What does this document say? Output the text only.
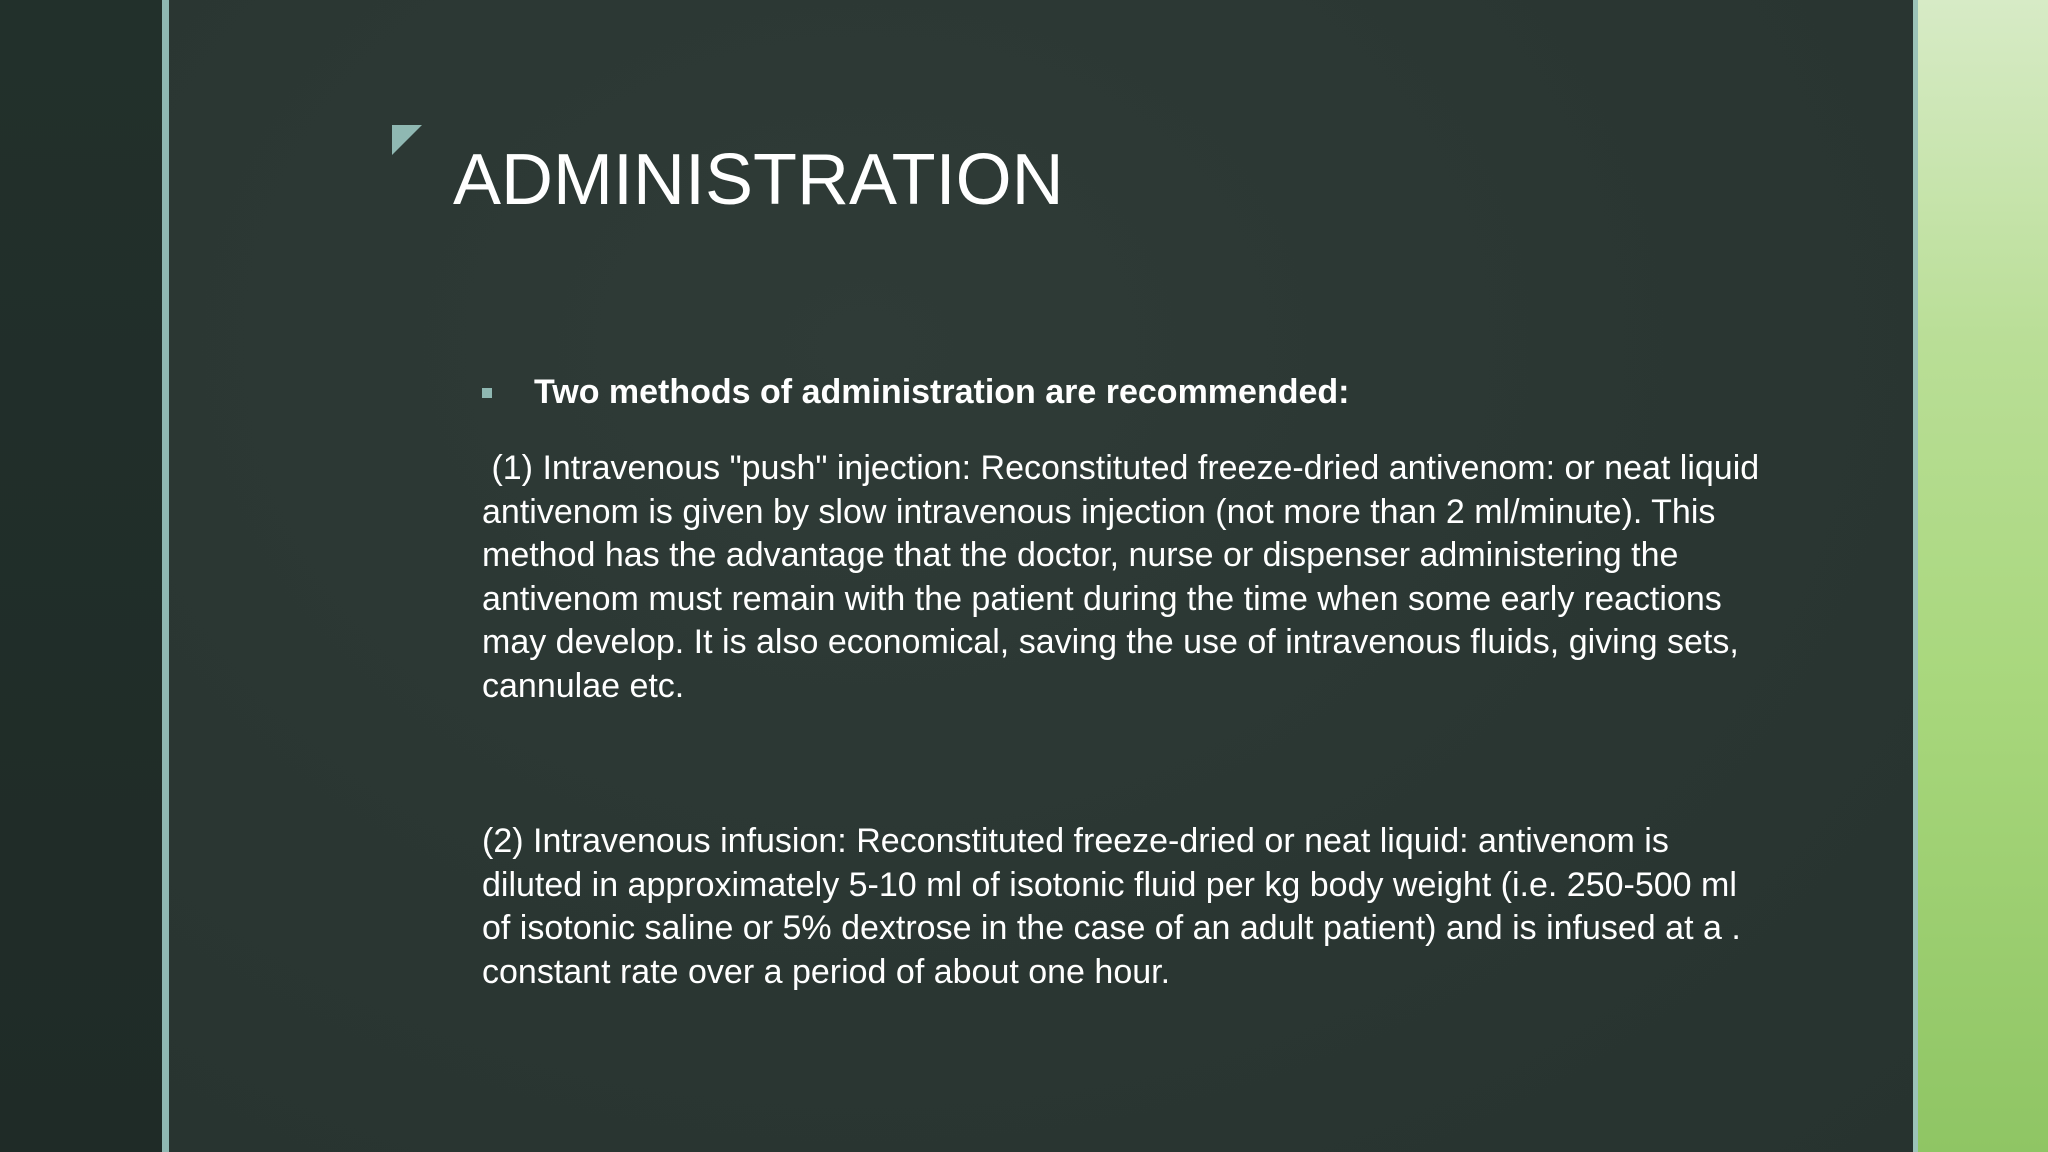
ADMINISTRATION
Two methods of administration are recommended:

(1) Intravenous "push" injection: Reconstituted freeze-dried antivenom: or neat liquid antivenom is given by slow intravenous injection (not more than 2 ml/minute). This method has the advantage that the doctor, nurse or dispenser administering the antivenom must remain with the patient during the time when some early reactions may develop. It is also economical, saving the use of intravenous fluids, giving sets, cannulae etc.

(2) Intravenous infusion: Reconstituted freeze-dried or neat liquid: antivenom is diluted in approximately 5-10 ml of isotonic fluid per kg body weight (i.e. 250-500 ml of isotonic saline or 5% dextrose in the case of an adult patient) and is infused at a . constant rate over a period of about one hour.
